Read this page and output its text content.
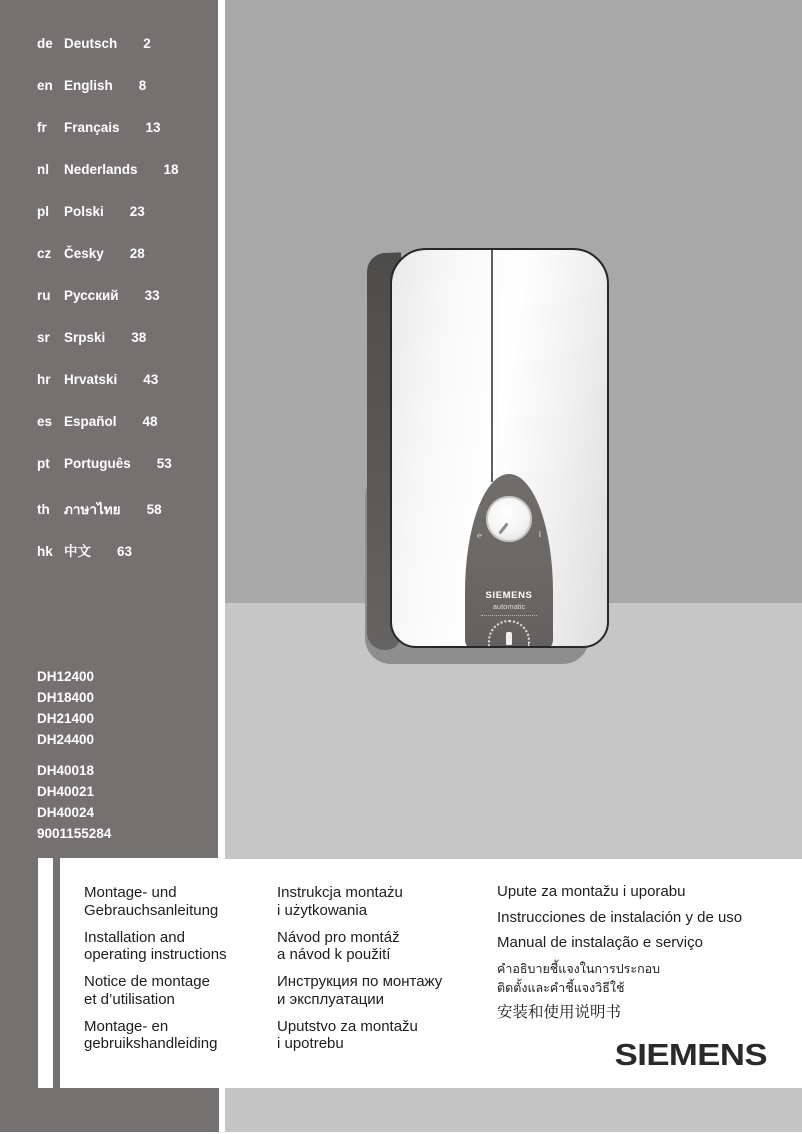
de Deutsch 2
en English 8
fr	Français 13
nl	Nederlands 18
pl	Polski 23
cz Česky 28
ru	Русский 33
sr	Srpski 38
hr	Hrvatski 43
es Español 48
pt	Português 53
th	ภาษาไทย 58
hk 中文 63
DH12400
DH18400
DH21400
DH24400
DH40018
DH40021
DH40024
9001155284
℮	I
SIEMENS
automatic

Montage- und
Gebrauchsanleitung

Installation and
operating instructions

Notice de montage
et d’utilisation

Montage- en
gebruikshandleiding

Instrukcja montażu
i użytkowania

Návod pro montáž
a návod k použití

Инструкция по монтажу
и эксплуатации

Uputstvo za montažu
i upotrebu

Upute za montažu i uporabu

Instrucciones de instalación y de uso

Manual de instalação e serviço

คำอธิบายชี้แจงในการประกอบ
ติดตั้งและคำชี้แจงวิธีใช้

安装和使用说明书

SIEMENS
